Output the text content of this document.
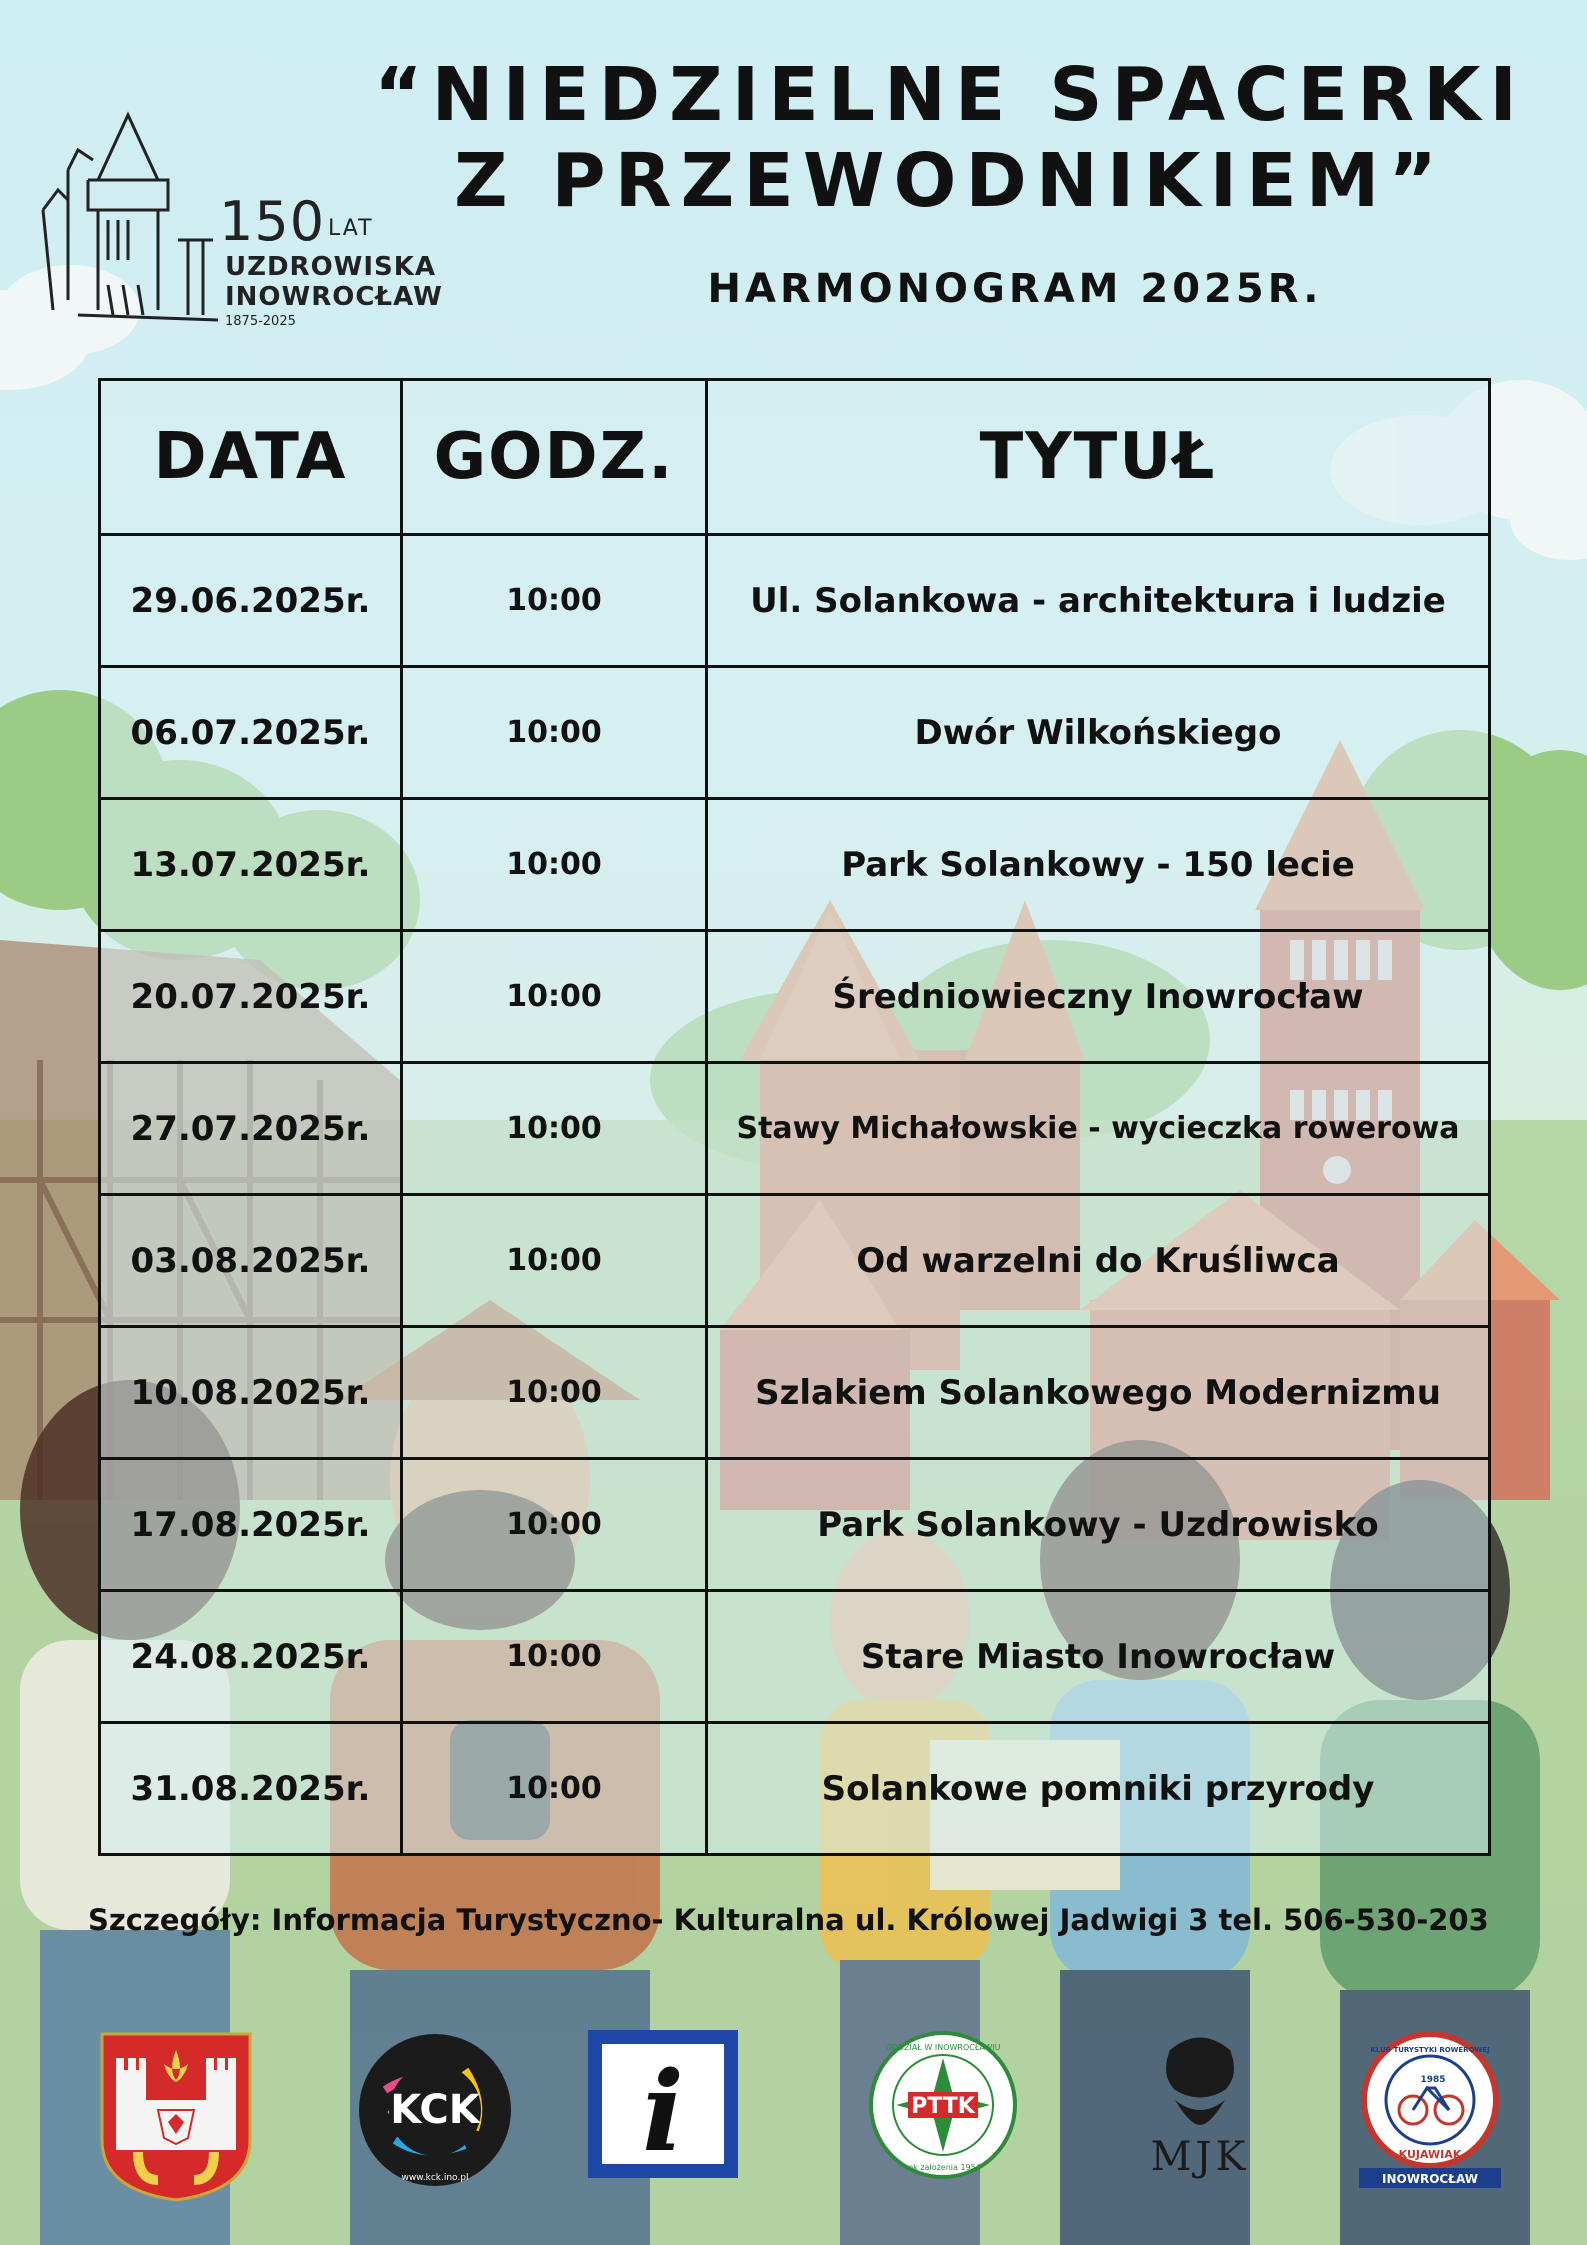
150 LAT
UZDROWISKA
INOWROCŁAW
1875-2025
“NIEDZIELNE SPACERKI
Z PRZEWODNIKIEM”
HARMONOGRAM 2025R.
DATA	GODZ.	TYTUŁ
29.06.2025r.	10:00	Ul. Solankowa - architektura i ludzie
06.07.2025r.	10:00	Dwór Wilkońskiego
13.07.2025r.	10:00	Park Solankowy - 150 lecie
20.07.2025r.	10:00	Średniowieczny Inowrocław
27.07.2025r.	10:00	Stawy Michałowskie - wycieczka rowerowa
03.08.2025r.	10:00	Od warzelni do Kruśliwca
10.08.2025r.	10:00	Szlakiem Solankowego Modernizmu
17.08.2025r.	10:00	Park Solankowy - Uzdrowisko
24.08.2025r.	10:00	Stare Miasto Inowrocław
31.08.2025r.	10:00	Solankowe pomniki przyrody

Szczegóły: Informacja Turystyczno- Kulturalna ul. Królowej Jadwigi 3 tel. 506-530-203

KCK
www.kck.ino.pl
i	PTTK
ODDZIAŁ W INOWROCŁAWIU
rok założenia 1954	MJK
KLUB TURYSTYKI ROWEROWEJ
1985
KUJAWIAK
INOWROCŁAW
